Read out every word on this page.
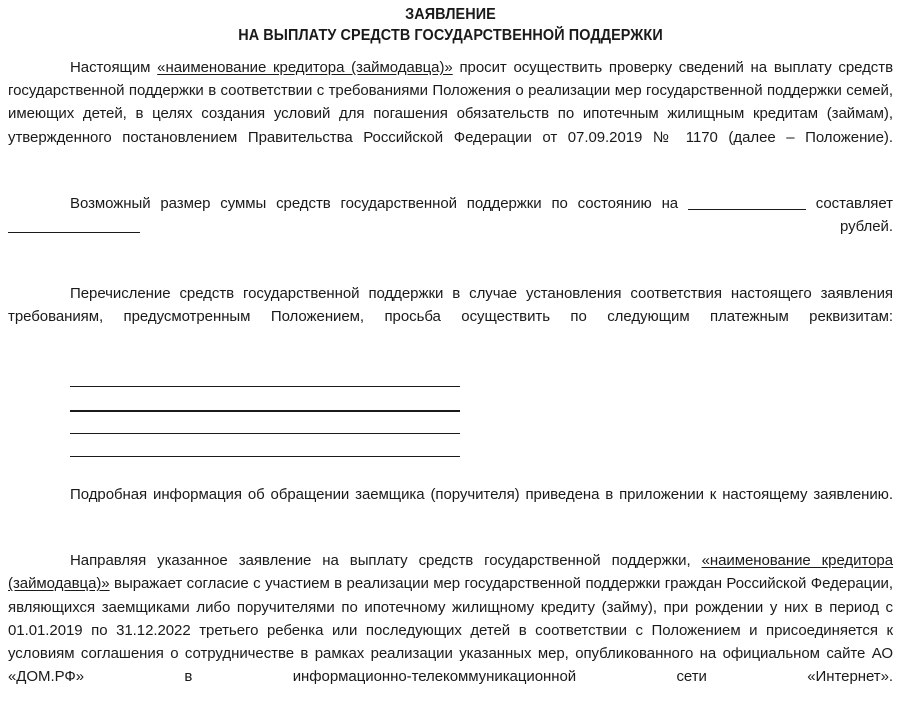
ЗАЯВЛЕНИЕ
НА ВЫПЛАТУ СРЕДСТВ ГОСУДАРСТВЕННОЙ ПОДДЕРЖКИ

Настоящим «наименование кредитора (займодавца)» просит осуществить проверку сведений на выплату средств государственной поддержки в соответствии с требованиями Положения о реализации мер государственной поддержки семей, имеющих детей, в целях создания условий для погашения обязательств по ипотечным жилищным кредитам (займам), утвержденного постановлением Правительства Российской Федерации от 07.09.2019 № 1170 (далее – Положение).

Возможный размер суммы средств государственной поддержки по состоянию на	составляет  рублей.

Перечисление средств государственной поддержки в случае установления соответствия настоящего заявления требованиям, предусмотренным Положением, просьба осуществить по следующим платежным реквизитам:

Подробная информация об обращении заемщика (поручителя) приведена в приложении к настоящему заявлению.

Направляя указанное заявление на выплату средств государственной поддержки, «наименование кредитора (займодавца)» выражает согласие с участием в реализации мер государственной поддержки граждан Российской Федерации, являющихся заемщиками либо поручителями по ипотечному жилищному кредиту (займу), при рождении у них в период с 01.01.2019 по 31.12.2022 третьего ребенка или последующих детей в соответствии с Положением и присоединяется к условиям соглашения о сотрудничестве в рамках реализации указанных мер, опубликованного на официальном сайте АО «ДОМ.РФ» в информационно-телекоммуникационной сети «Интернет».
